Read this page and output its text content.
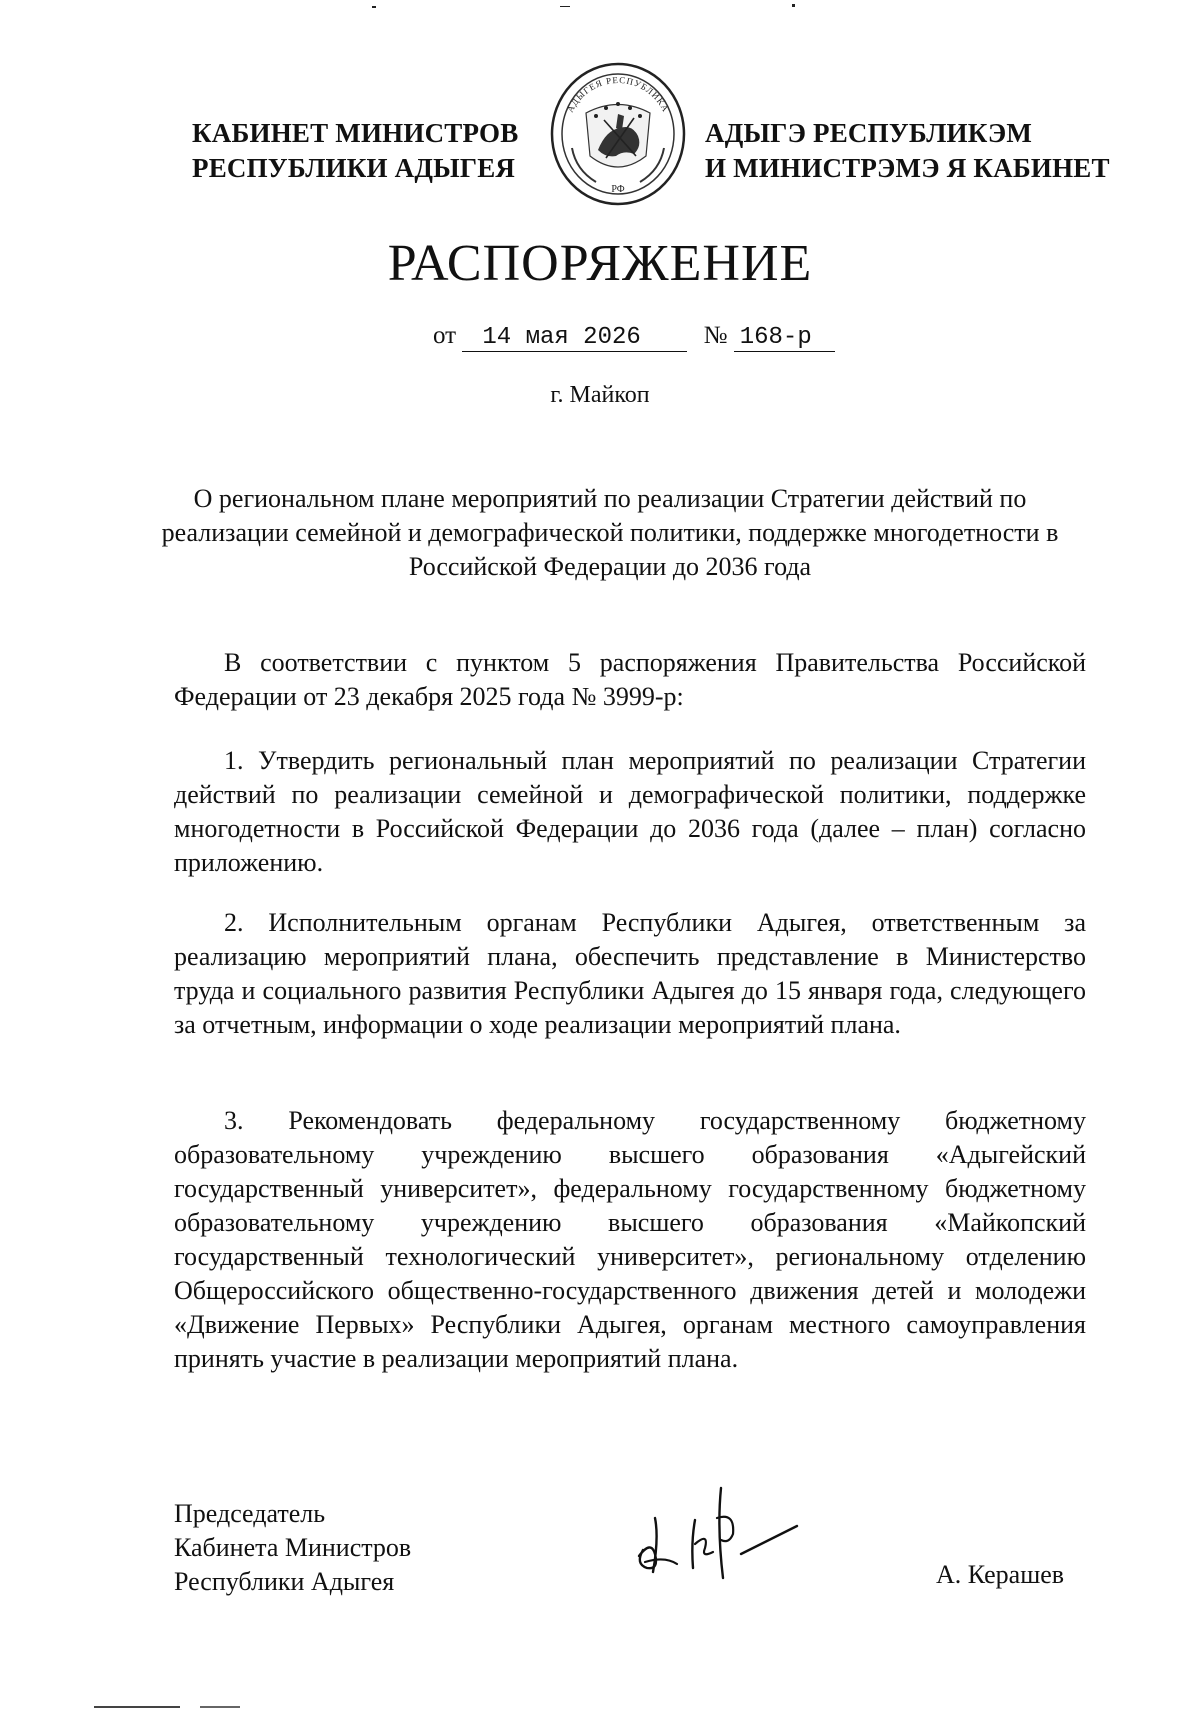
КАБИНЕТ МИНИСТРОВ
РЕСПУБЛИКИ АДЫГЕЯ
АДЫГЕЯ РЕСПУБЛИКА
РФ
АДЫГЭ РЕСПУБЛИКЭМ
И МИНИСТРЭМЭ Я КАБИНЕТ
РАСПОРЯЖЕНИЕ
от 14 мая 2026	№ 168-р
г. Майкоп
О региональном плане мероприятий по реализации Стратегии действий по реализации семейной и демографической политики, поддержке многодетности в Российской Федерации до 2036 года
В соответствии с пунктом 5 распоряжения Правительства Российской Федерации от 23 декабря 2025 года № 3999-р:
1. Утвердить региональный план мероприятий по реализации Стратегии действий по реализации семейной и демографической политики, поддержке многодетности в Российской Федерации до 2036 года (далее – план) согласно приложению.
2. Исполнительным органам Республики Адыгея, ответственным за реализацию мероприятий плана, обеспечить представление в Министерство труда и социального развития Республики Адыгея до 15 января года, следующего за отчетным, информации о ходе реализации мероприятий плана.
3. Рекомендовать федеральному государственному бюджетному образовательному учреждению высшего образования «Адыгейский государственный университет», федеральному государственному бюджетному образовательному учреждению высшего образования «Майкопский государственный технологический университет», региональному отделению Общероссийского общественно-государственного движения детей и молодежи «Движение Первых» Республики Адыгея, органам местного самоуправления принять участие в реализации мероприятий плана.
Председатель
Кабинета Министров
Республики Адыгея	А. Керашев
